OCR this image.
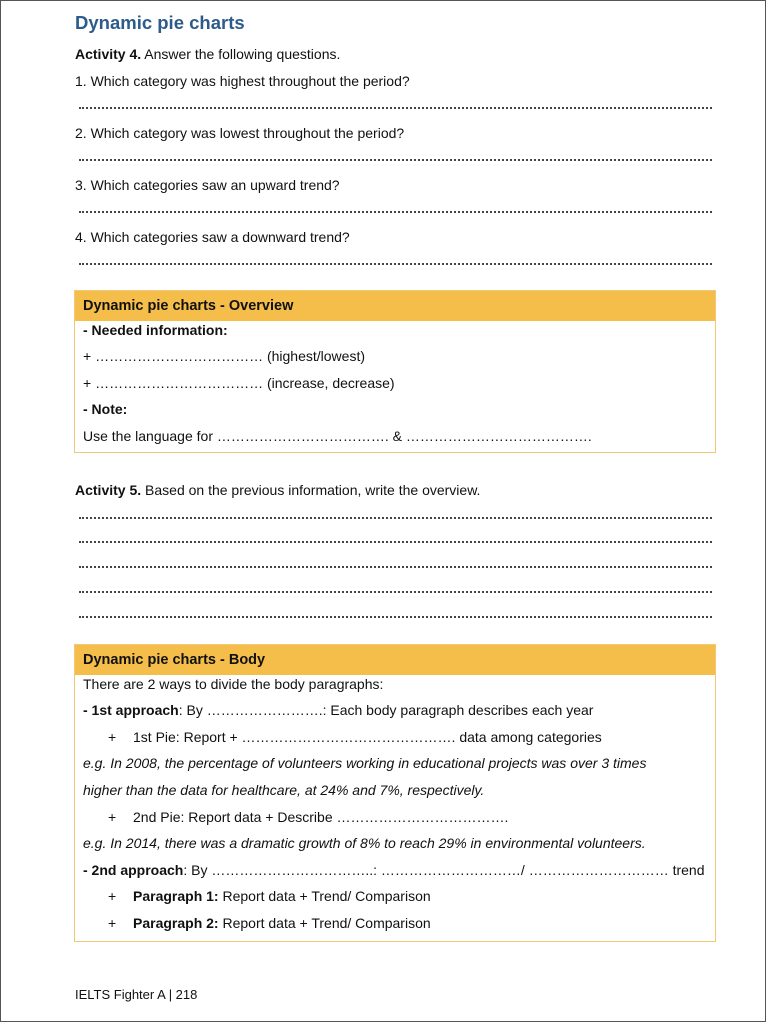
Dynamic pie charts
Activity 4. Answer the following questions.
1. Which category was highest throughout the period?
2. Which category was lowest throughout the period?
3. Which categories saw an upward trend?
4. Which categories saw a downward trend?
Dynamic pie charts - Overview
- Needed information:
+ ……………………………… (highest/lowest)
+ ……………………………… (increase, decrease)
- Note:
Use the language for ………………………………. & ………………………………….
Activity 5. Based on the previous information, write the overview.
Dynamic pie charts - Body
There are 2 ways to divide the body paragraphs:
- 1st approach: By …………………….: Each body paragraph describes each year
+ 1st Pie: Report + ………………………………………. data among categories
e.g. In 2008, the percentage of volunteers working in educational projects was over 3 times
higher than the data for healthcare, at 24% and 7%, respectively.
+ 2nd Pie: Report data + Describe ……………………………….
e.g. In 2014, there was a dramatic growth of 8% to reach 29% in environmental volunteers.
- 2nd approach: By ……………………………..: …………………………/ ………………………… trend
+ Paragraph 1: Report data + Trend/ Comparison
+ Paragraph 2: Report data + Trend/ Comparison
IELTS Fighter A | 218
